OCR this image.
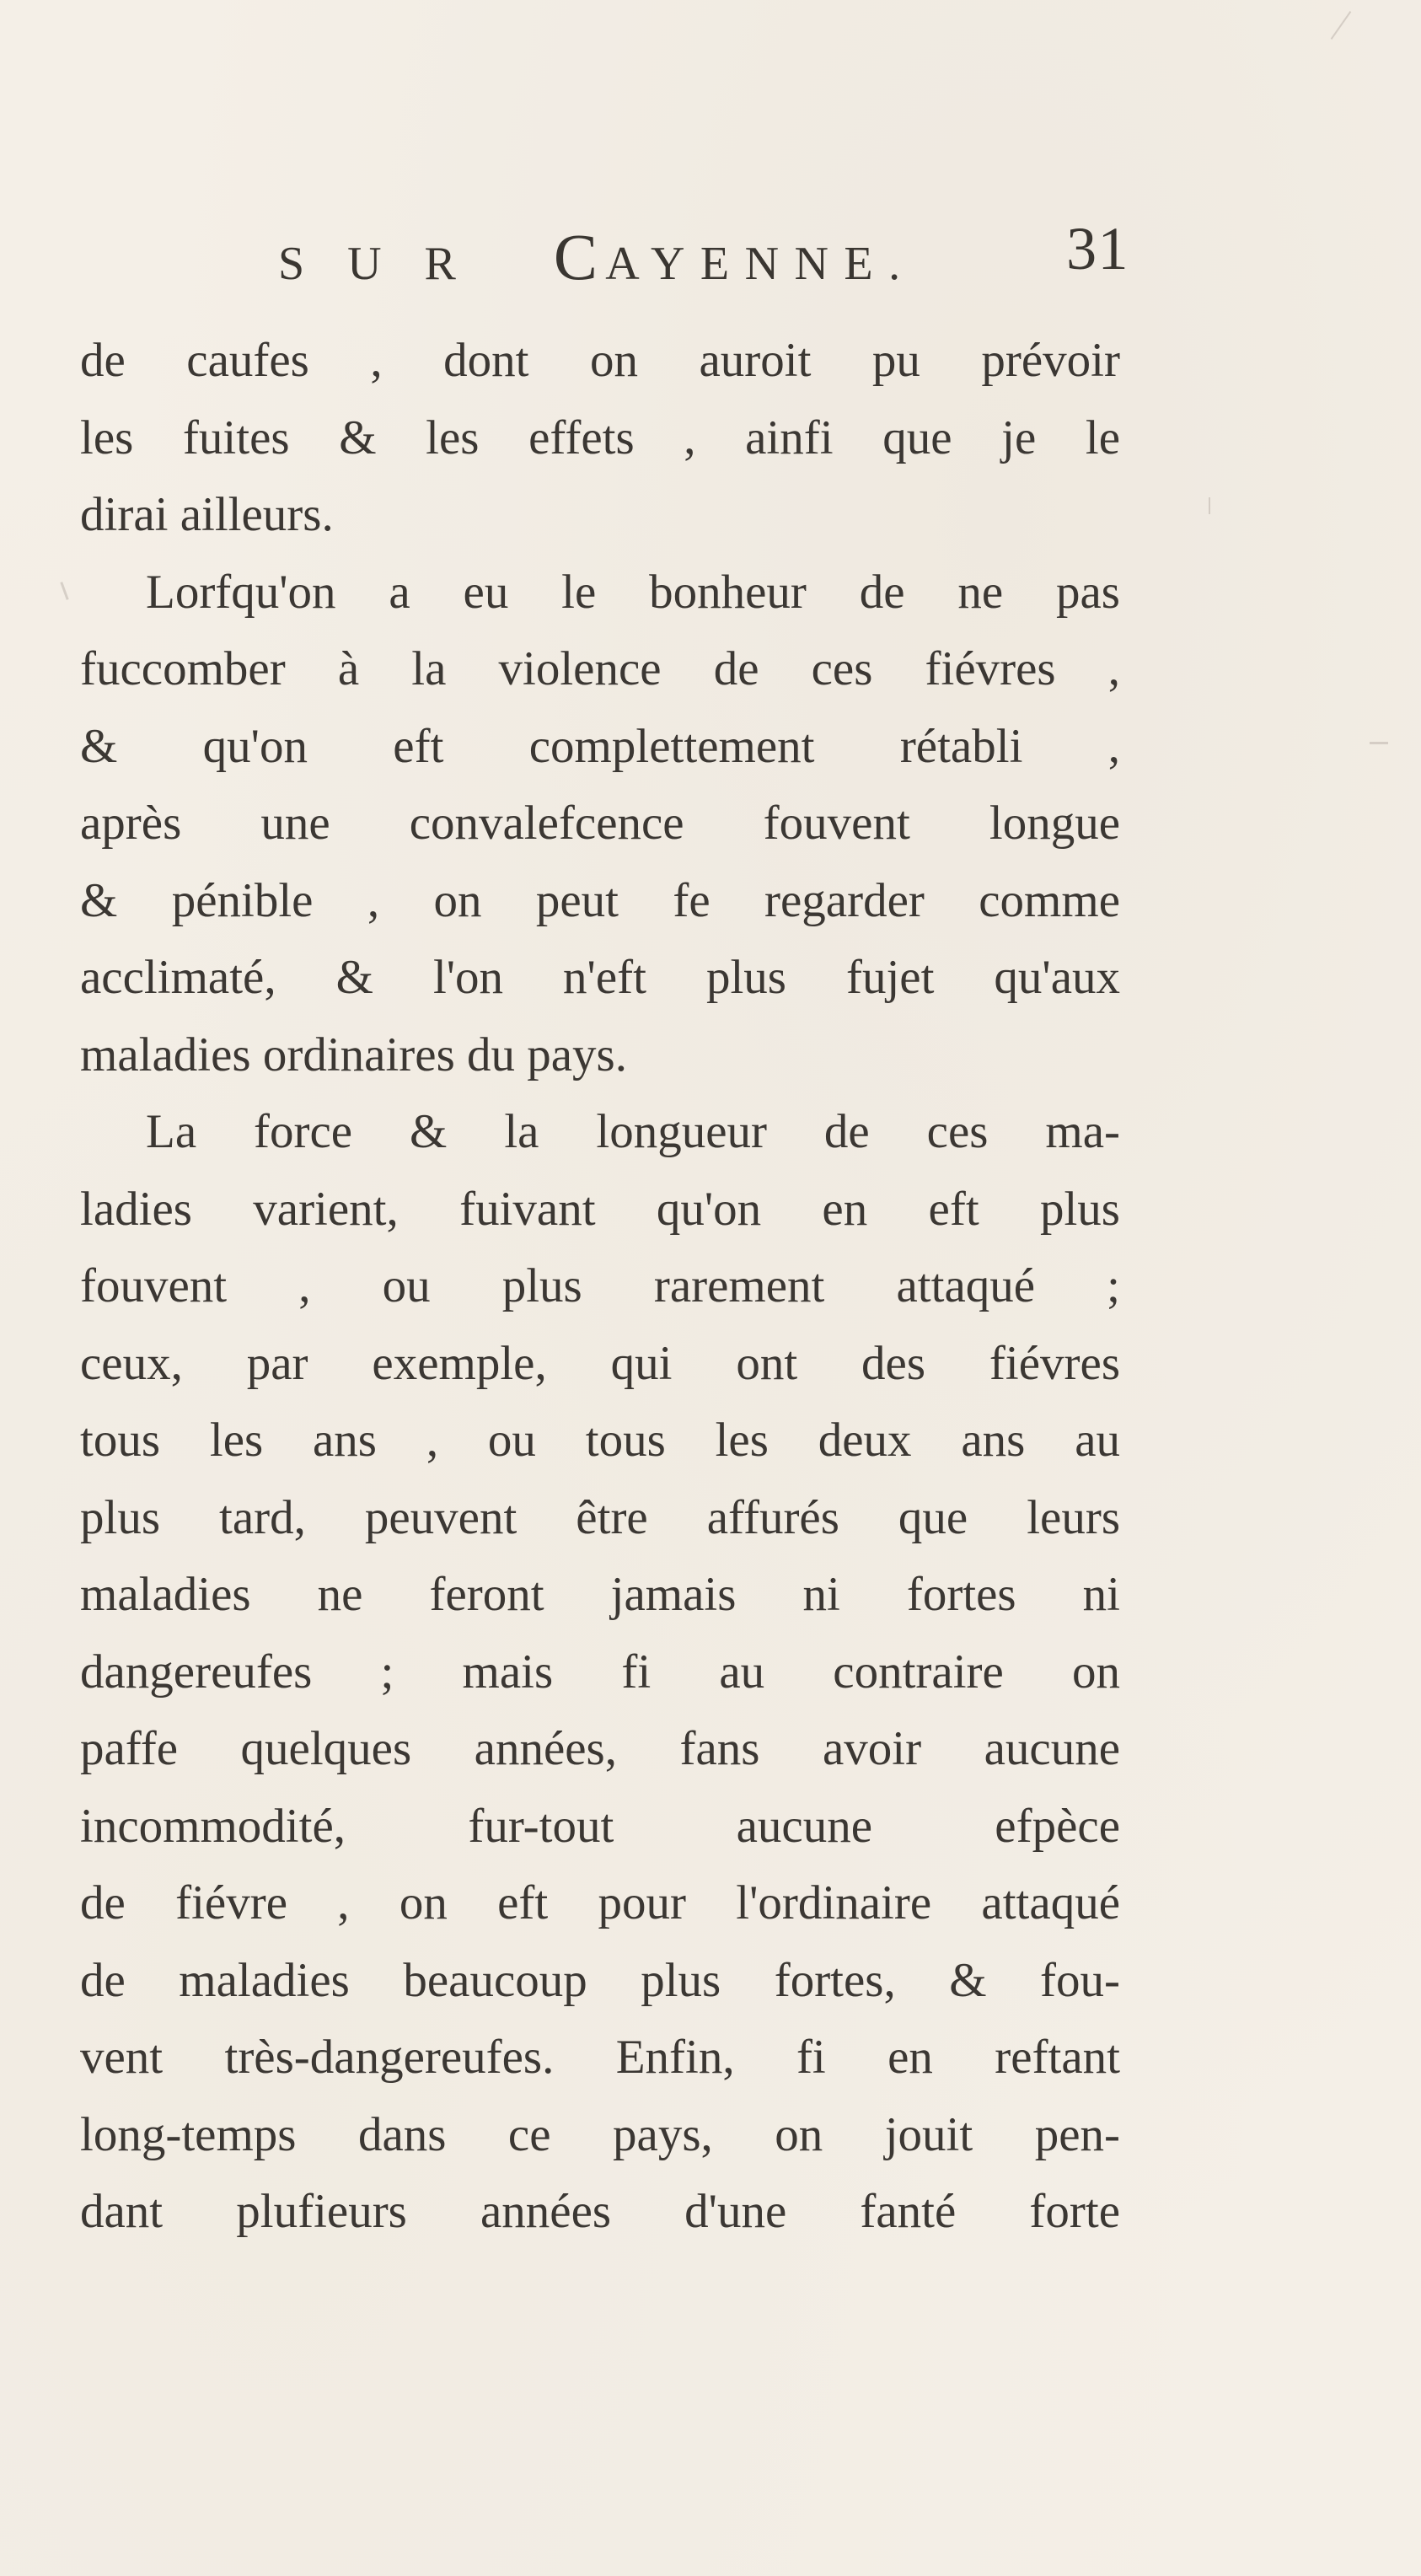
S U R CAYENNE. 31
de caufes , dont on auroit pu prévoir
les fuites & les effets , ainfi que je le
dirai ailleurs.
Lorfqu'on a eu le bonheur de ne pas
fuccomber à la violence de ces fiévres ,
& qu'on eft complettement rétabli ,
après une convalefcence fouvent longue
& pénible , on peut fe regarder comme
acclimaté, & l'on n'eft plus fujet qu'aux
maladies ordinaires du pays.
La force & la longueur de ces ma-
ladies varient, fuivant qu'on en eft plus
fouvent , ou plus rarement attaqué ;
ceux, par exemple, qui ont des fiévres
tous les ans , ou tous les deux ans au
plus tard, peuvent être affurés que leurs
maladies ne feront jamais ni fortes ni
dangereufes ; mais fi au contraire on
paffe quelques années, fans avoir aucune
incommodité, fur-tout aucune efpèce
de fiévre , on eft pour l'ordinaire attaqué
de maladies beaucoup plus fortes, & fou-
vent très-dangereufes. Enfin, fi en reftant
long-temps dans ce pays, on jouit pen-
dant plufieurs années d'une fanté forte
